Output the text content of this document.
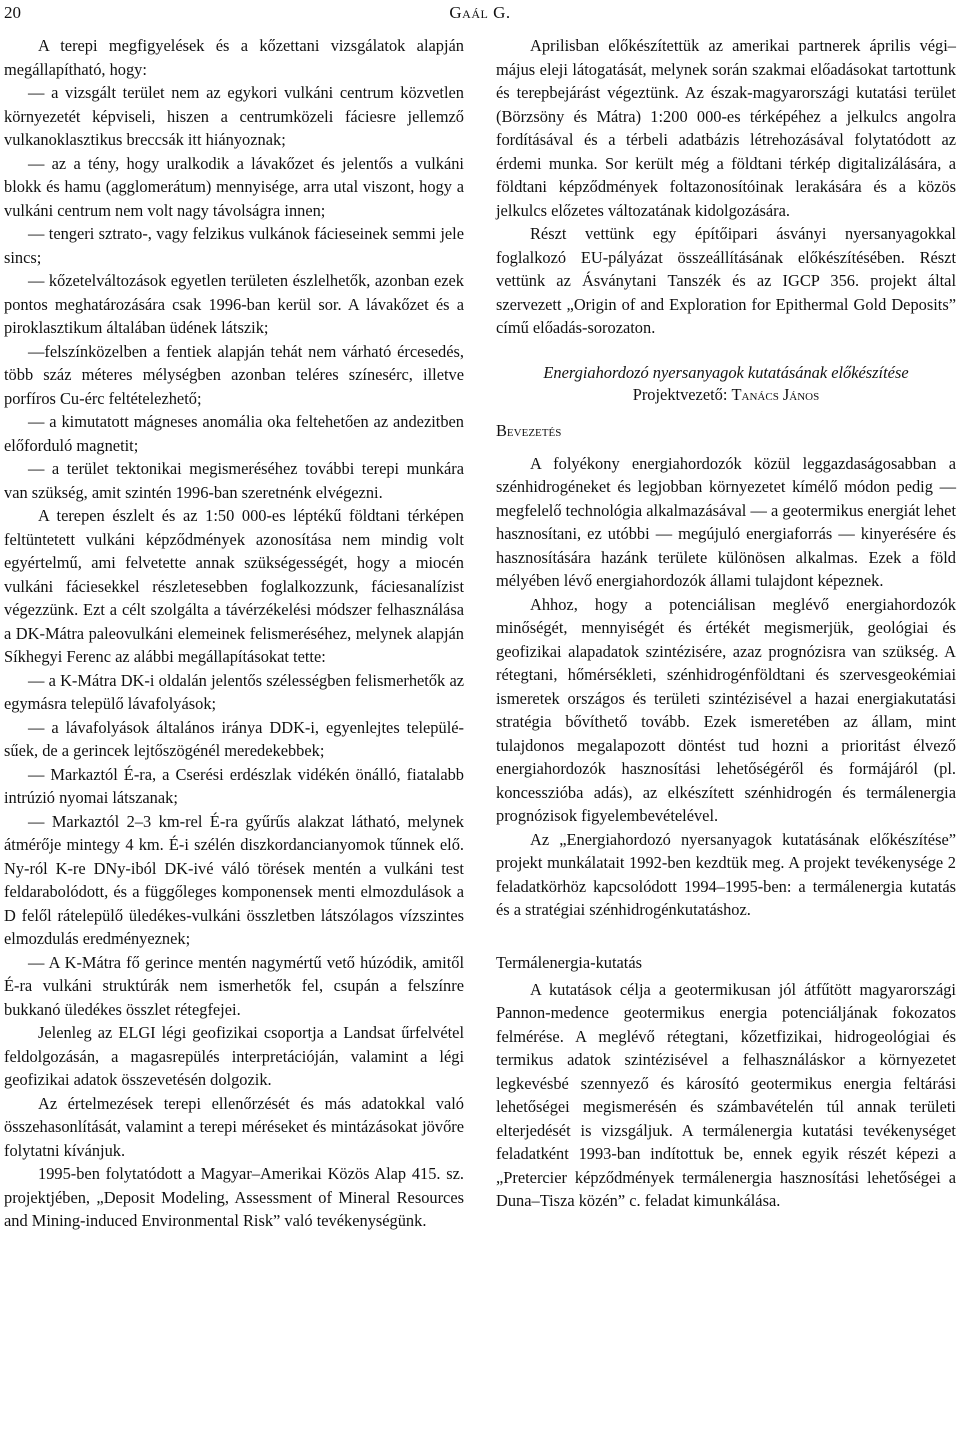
20	Gaál G.

A terepi megfigyelések és a kőzettani vizsgálatok alapján megállapítható, hogy:

— a vizsgált terület nem az egykori vulkáni centrum közvetlen környezetét képviseli, hiszen a centrumközeli fáciesre jellemző vulkanoklasztikus breccsák itt hiányoznak;

— az a tény, hogy uralkodik a lávakőzet és jelentős a vulkáni blokk és hamu (agglomerátum) mennyisége, arra utal viszont, hogy a vulkáni centrum nem volt nagy távolságra innen;

— tengeri sztrato-, vagy felzikus vulkánok fácieseinek semmi jele sincs;

— kőzetelváltozások egyetlen területen észlelhetők, azonban ezek pontos meghatározására csak 1996-ban kerül sor. A lávakőzet és a piroklasztikum általában üdének látszik;

—felszínközelben a fentiek alapján tehát nem várható ércesedés, több száz méteres mélységben azonban teléres színesérc, illetve porfíros Cu-érc feltételezhető;

— a kimutatott mágneses anomália oka feltehetően az andezitben előforduló magnetit;

— a terület tektonikai megismeréséhez további terepi munkára van szükség, amit szintén 1996-ban szeretnénk elvégezni.

A terepen észlelt és az 1:50 000-es léptékű földtani térképen feltüntetett vulkáni képződmények azonosítása nem mindig volt egyértelmű, ami felvetette annak szükségességét, hogy a miocén vulkáni fáciesekkel részletesebben foglalkozzunk, fáciesanalízist végezzünk. Ezt a célt szolgálta a távérzékelési módszer felhasználása a DK-Mátra paleovulkáni elemeinek felismeréséhez, melynek alapján Síkhegyi Ferenc az alábbi megállapításokat tette:

— a K-Mátra DK-i oldalán jelentős szélességben felismerhetők az egymásra települő lávafolyások;

— a lávafolyások általános iránya DDK-i, egyenlejtes településűek, de a gerincek lejtőszögénél meredekebbek;

— Markaztól É-ra, a Cserési erdészlak vidékén önálló, fiatalabb intrúzió nyomai látszanak;

— Markaztól 2–3 km-rel É-ra gyűrűs alakzat látható, melynek átmérője mintegy 4 km. É-i szélén diszkordancianyomok tűnnek elő. Ny-ról K-re DNy-iból DK-ivé váló törések mentén a vulkáni test feldarabolódott, és a függőleges komponensek menti elmozdulások a D felől rátelepülő üledékes-vulkáni összletben látszólagos vízszintes elmozdulás eredményeznek;

— A K-Mátra fő gerince mentén nagymértű vető húzódik, amitől É-ra vulkáni struktúrák nem ismerhetők fel, csupán a felszínre bukkanó üledékes összlet rétegfejei.

Jelenleg az ELGI légi geofizikai csoportja a Landsat űrfelvétel feldolgozásán, a magasrepülés interpretációján, valamint a légi geofizikai adatok összevetésén dolgozik.

Az értelmezések terepi ellenőrzését és más adatokkal való összehasonlítását, valamint a terepi méréseket és mintázásokat jövőre folytatni kívánjuk.

1995-ben folytatódott a Magyar–Amerikai Közös Alap 415. sz. projektjében, „Deposit Modeling, Assessment of Mineral Resources and Mining-induced Environmental Risk” való tevékenységünk.

Aprilisban előkészítettük az amerikai partnerek április végi–május eleji látogatását, melynek során szakmai előadásokat tartottunk és terepbejárást végeztünk. Az észak-magyarországi kutatási terület (Börzsöny és Mátra) 1:200 000-es térképéhez a jelkulcs angolra fordításával és a térbeli adatbázis létrehozásával folytatódott az érdemi munka. Sor került még a földtani térkép digitalizálására, a földtani képződmények foltazonosítóinak lerakására és a közös jelkulcs előzetes változatának kidolgozására.

Részt vettünk egy építőipari ásványi nyersanyagokkal foglalkozó EU-pályázat összeállításának előkészítésében. Részt vettünk az Ásványtani Tanszék és az IGCP 356. projekt által szervezett „Origin of and Exploration for Epithermal Gold Deposits” című előadás-sorozaton.

Energiahordozó nyersanyagok kutatásának előkészítése
Projektvezető: Tanács János
Bevezetés

A folyékony energiahordozók közül leggazdaságosabban a szénhidrogéneket és legjobban környezetet kímélő módon pedig — megfelelő technológia alkalmazásával — a geotermikus energiát lehet hasznosítani, ez utóbbi — megújuló energiaforrás — kinyerésére és hasznosítására hazánk területe különösen alkalmas. Ezek a föld mélyében lévő energiahordozók állami tulajdont képeznek.

Ahhoz, hogy a potenciálisan meglévő energiahordozók minőségét, mennyiségét és értékét megismerjük, geológiai és geofizikai alapadatok szintézisére, azaz prognózisra van szükség. A rétegtani, hőmérsékleti, szénhidrogénföldtani és szervesgeokémiai ismeretek országos és területi szintézisével a hazai energiakutatási stratégia bővíthető tovább. Ezek ismeretében az állam, mint tulajdonos megalapozott döntést tud hozni a prioritást élvező energiahordozók hasznosítási lehetőségéről és formájáról (pl. koncesszióba adás), az elkészített szénhidrogén és termálenergia prognózisok figyelembevételével.

Az „Energiahordozó nyersanyagok kutatásának előkészítése” projekt munkálatait 1992-ben kezdtük meg. A projekt tevékenysége 2 feladatkörhöz kapcsolódott 1994–1995-ben: a termálenergia kutatás és a stratégiai szénhidrogénkutatáshoz.

Termálenergia-kutatás

A kutatások célja a geotermikusan jól átfűtött magyarországi Pannon-medence geotermikus energia potenciáljának fokozatos felmérése. A meglévő rétegtani, kőzetfizikai, hidrogeológiai és termikus adatok szintézisével a felhasználáskor a környezetet legkevésbé szennyező és károsító geotermikus energia feltárási lehetőségei megismerésén és számbavételén túl annak területi elterjedését is vizsgáljuk. A termálenergia kutatási tevékenységet feladatként 1993-ban indítottuk be, ennek egyik részét képezi a „Pretercier képződmények termálenergia hasznosítási lehetőségei a Duna–Tisza közén” c. feladat kimunkálása.
